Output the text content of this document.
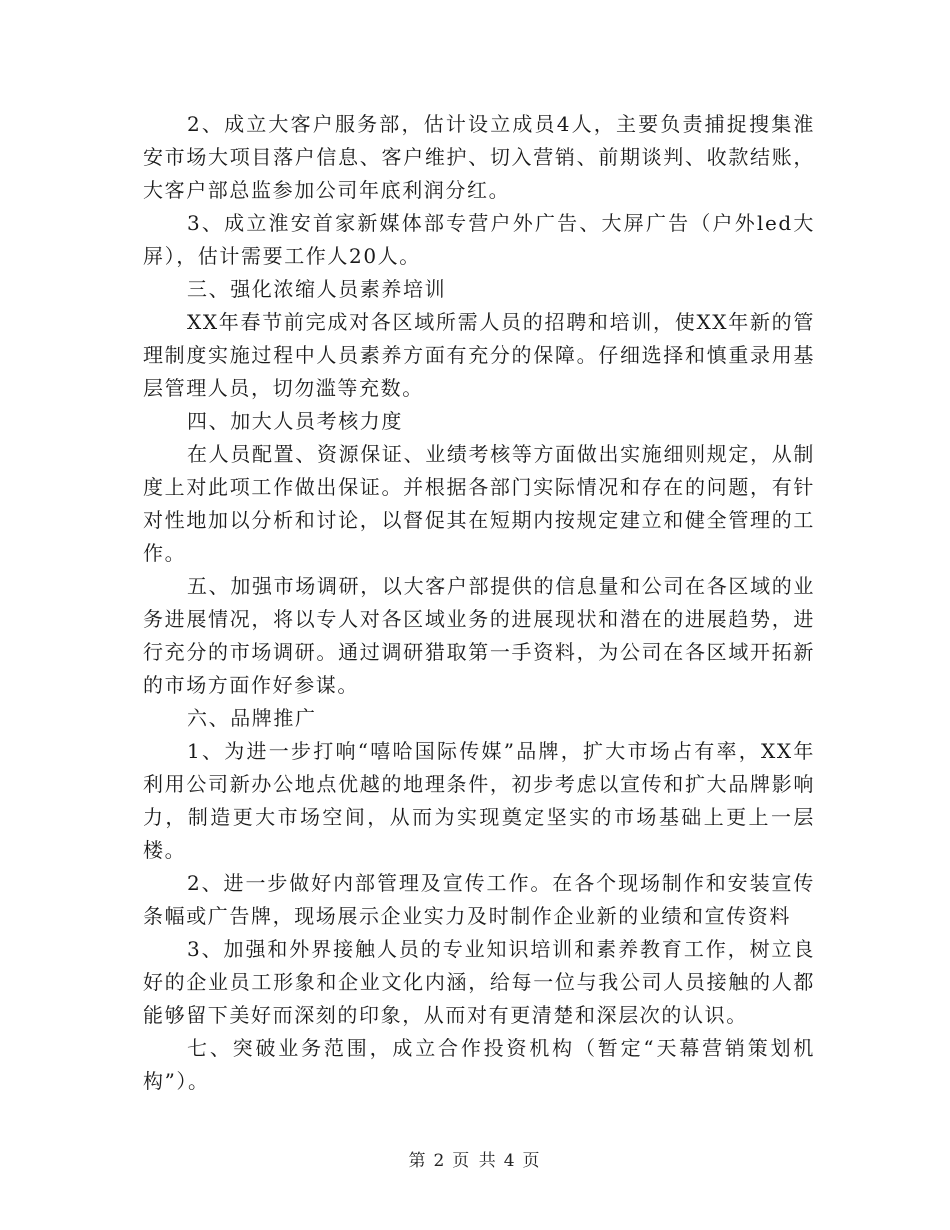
2、成立大客户服务部，估计设立成员4人，主要负责捕捉搜集淮安市场大项目落户信息、客户维护、切入营销、前期谈判、收款结账，大客户部总监参加公司年底利润分红。

3、成立淮安首家新媒体部专营户外广告、大屏广告（户外led大屏），估计需要工作人20人。

三、强化浓缩人员素养培训

XX年春节前完成对各区域所需人员的招聘和培训，使XX年新的管理制度实施过程中人员素养方面有充分的保障。仔细选择和慎重录用基层管理人员，切勿滥等充数。

四、加大人员考核力度

在人员配置、资源保证、业绩考核等方面做出实施细则规定，从制度上对此项工作做出保证。并根据各部门实际情况和存在的问题，有针对性地加以分析和讨论，以督促其在短期内按规定建立和健全管理的工作。

五、加强市场调研，以大客户部提供的信息量和公司在各区域的业务进展情况，将以专人对各区域业务的进展现状和潜在的进展趋势，进行充分的市场调研。通过调研猎取第一手资料，为公司在各区域开拓新的市场方面作好参谋。

六、品牌推广

1、为进一步打响“嘻哈国际传媒”品牌，扩大市场占有率，XX年利用公司新办公地点优越的地理条件，初步考虑以宣传和扩大品牌影响力，制造更大市场空间，从而为实现奠定坚实的市场基础上更上一层楼。

2、进一步做好内部管理及宣传工作。在各个现场制作和安装宣传条幅或广告牌，现场展示企业实力及时制作企业新的业绩和宣传资料

3、加强和外界接触人员的专业知识培训和素养教育工作，树立良好的企业员工形象和企业文化内涵，给每一位与我公司人员接触的人都能够留下美好而深刻的印象，从而对有更清楚和深层次的认识。

七、突破业务范围，成立合作投资机构（暂定“天幕营销策划机构”）。

第 2 页 共 4 页
